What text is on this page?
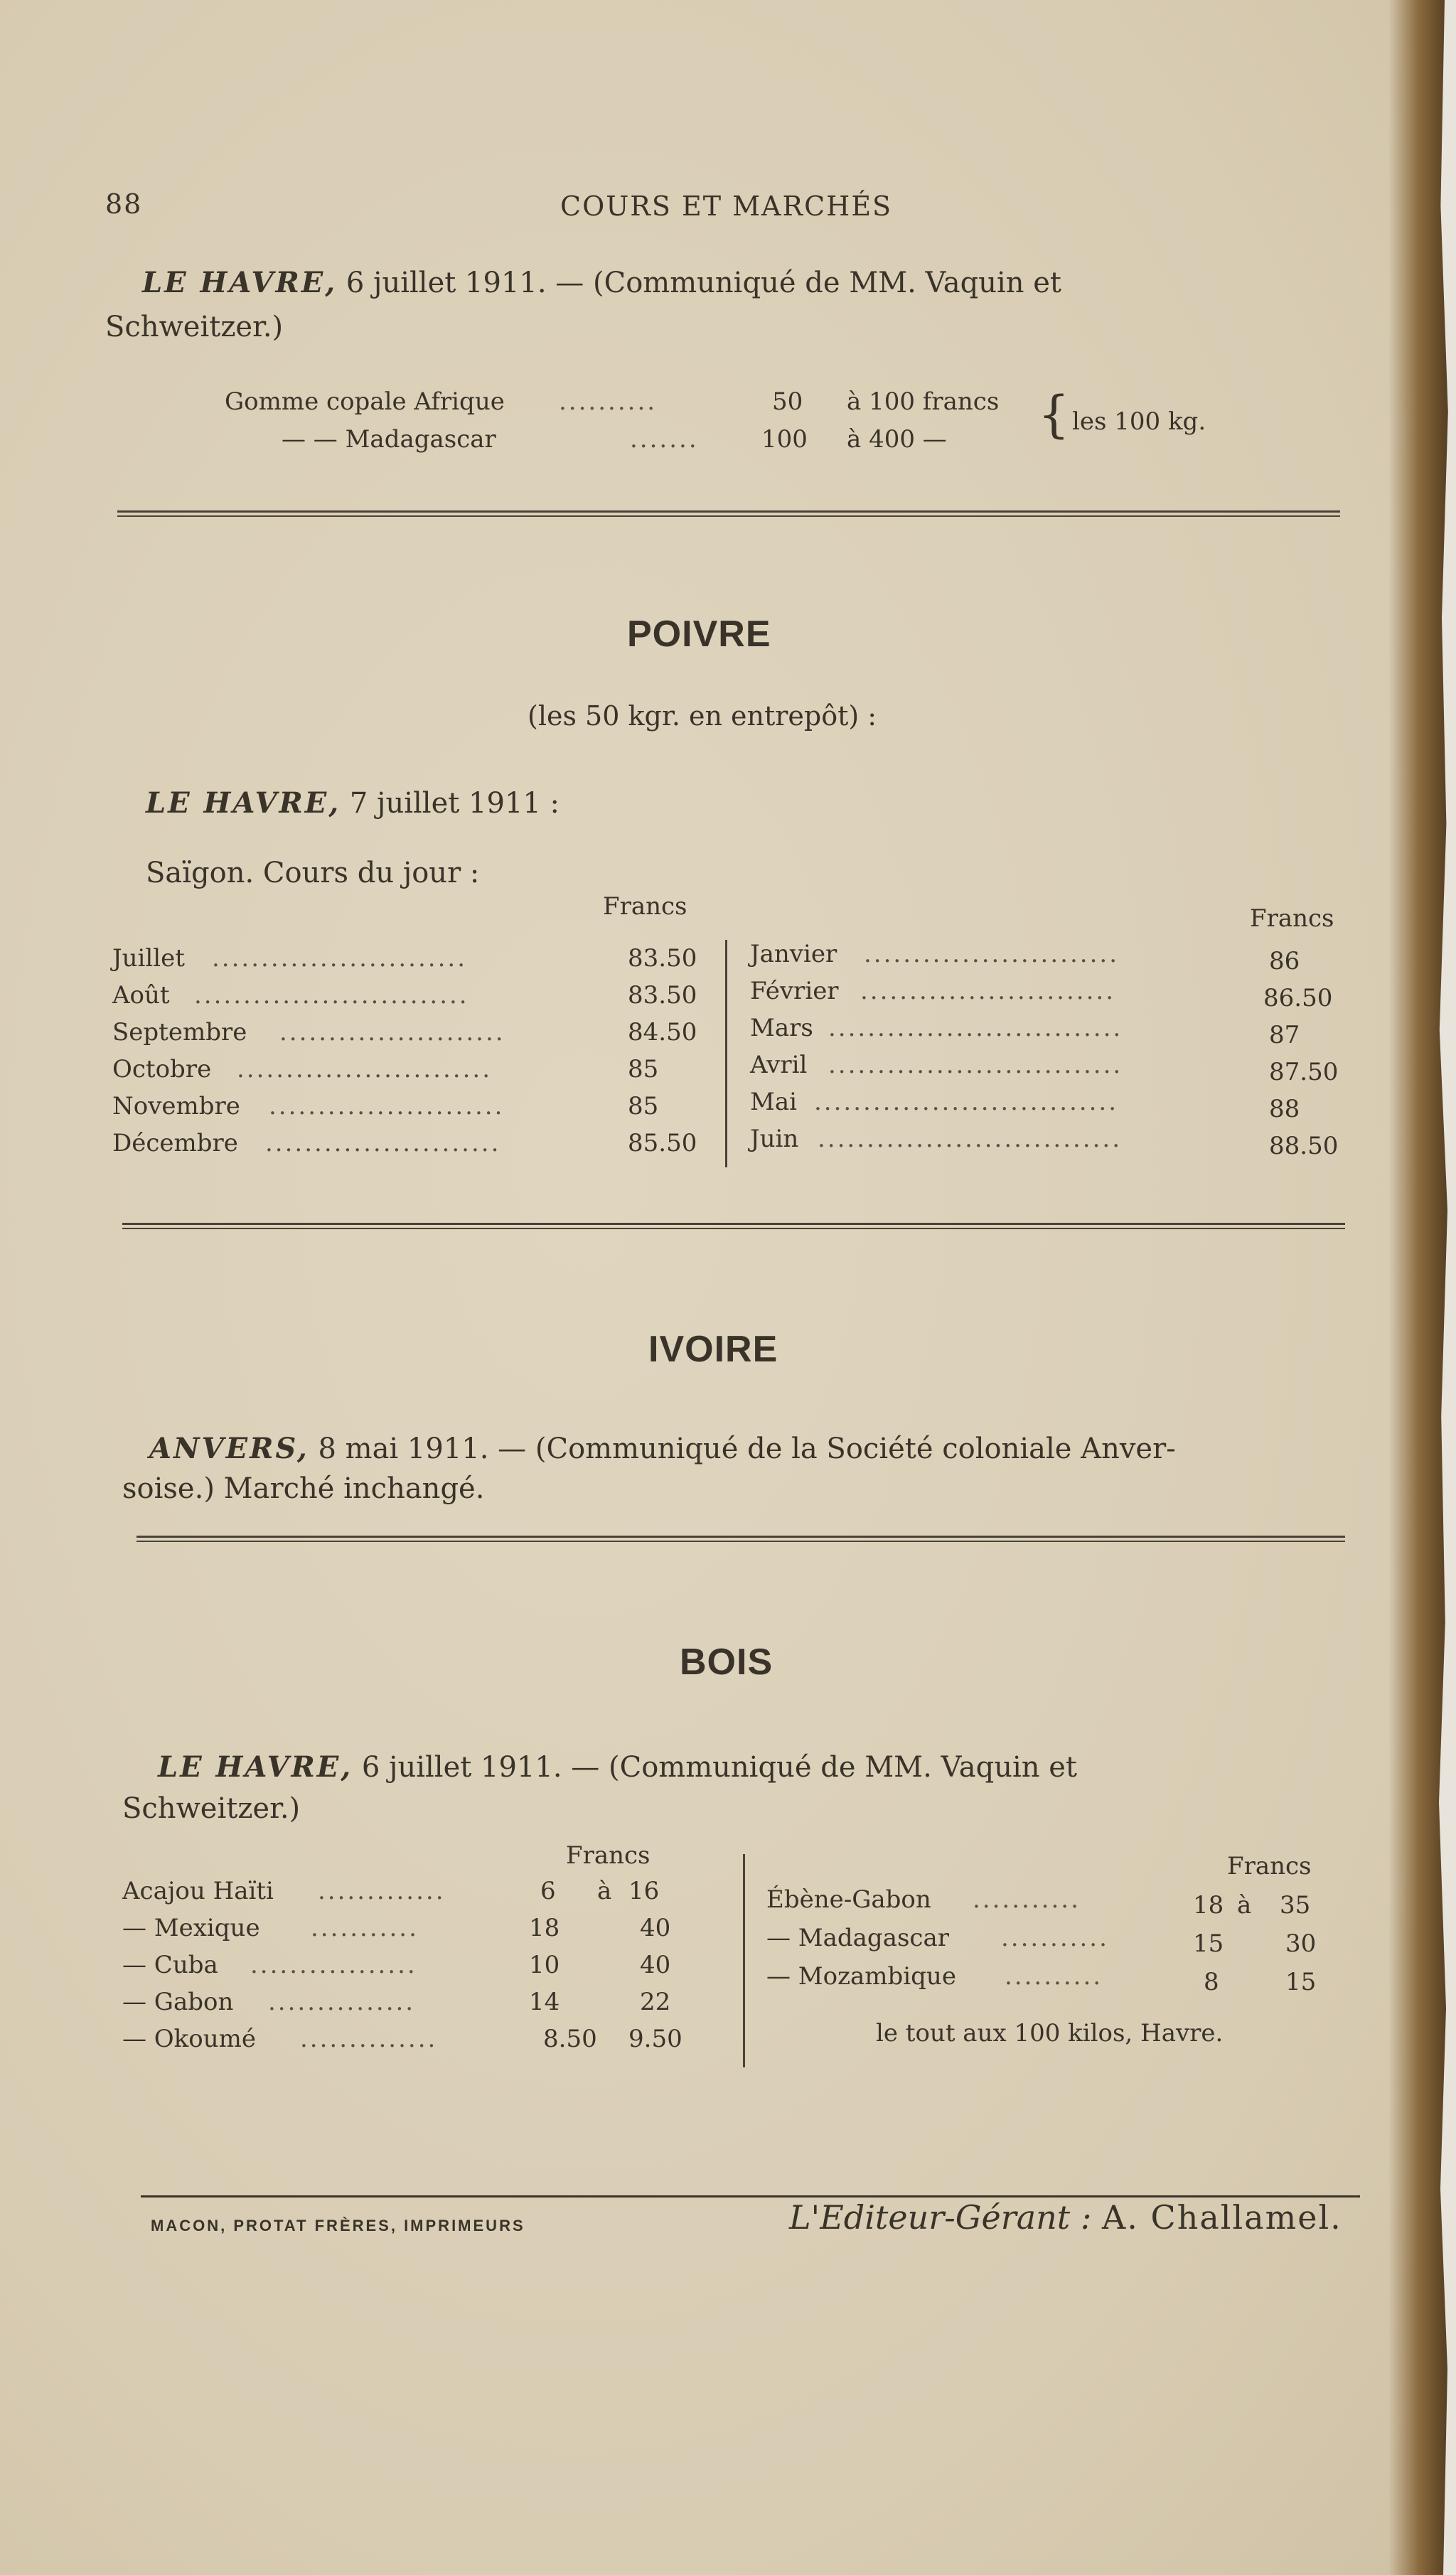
88	COURS ET MARCHÉS
LE HAVRE, 6 juillet 1911. — (Communiqué de MM. Vaquin et
Schweitzer.)
Gomme copale Afrique ..........	50 à 100 francs
— — Madagascar	.......	100 à 400 — { les 100 kg.
POIVRE
(les 50 kgr. en entrepôt) :
LE HAVRE, 7 juillet 1911 :
Saïgon. Cours du jour :
Francs	Francs
Juillet ..........................	83.50
Août ............................	83.50
Septembre .......................	84.50
Octobre ..........................	85
Novembre ........................	85
Décembre ........................	85.50
Janvier ..........................	86
Février ..........................	86.50
Mars ..............................	87
Avril ..............................	87.50
Mai ...............................	88
Juin ...............................	88.50
IVOIRE
ANVERS, 8 mai 1911. — (Communiqué de la Société coloniale Anver-
soise.) Marché inchangé.
BOIS
LE HAVRE, 6 juillet 1911. — (Communiqué de MM. Vaquin et
Schweitzer.)
Francs	Francs
Acajou Haïti .............	6 à 16
— Mexique ...........	18	40
— Cuba .................	10	40
— Gabon ...............	14	22
— Okoumé ..............	8.50 9.50
Ébène-Gabon ...........	18 à 35
— Madagascar ...........	15	30
— Mozambique ..........	8	15
le tout aux 100 kilos, Havre.
MACON, PROTAT FRÈRES, IMPRIMEURS	L'Editeur-Gérant : A. Challamel.
